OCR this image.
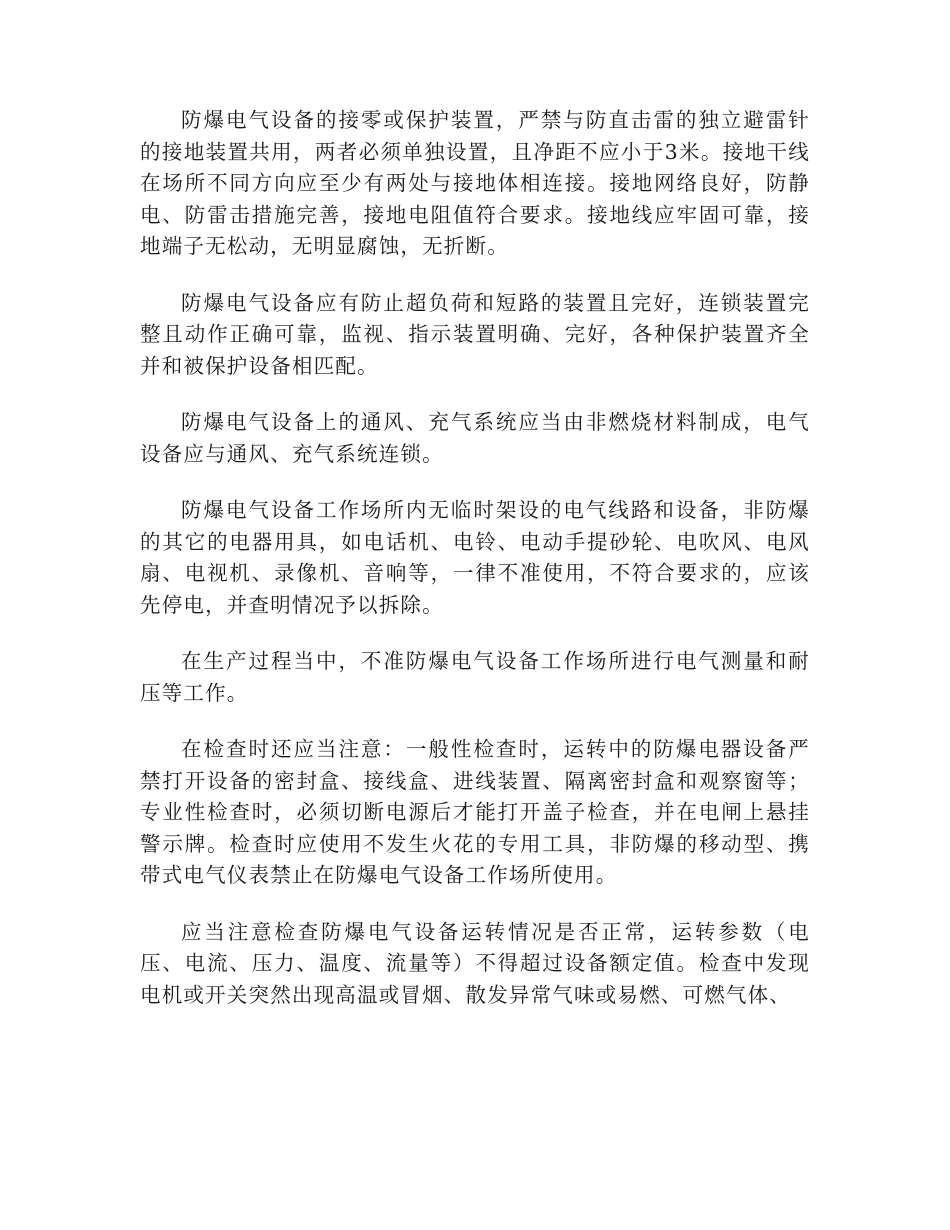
防爆电气设备的接零或保护装置，严禁与防直击雷的独立避雷针的接地装置共用，两者必须单独设置，且净距不应小于3米。接地干线在场所不同方向应至少有两处与接地体相连接。接地网络良好，防静电、防雷击措施完善，接地电阻值符合要求。接地线应牢固可靠，接地端子无松动，无明显腐蚀，无折断。

防爆电气设备应有防止超负荷和短路的装置且完好，连锁装置完整且动作正确可靠，监视、指示装置明确、完好，各种保护装置齐全并和被保护设备相匹配。

防爆电气设备上的通风、充气系统应当由非燃烧材料制成，电气设备应与通风、充气系统连锁。

防爆电气设备工作场所内无临时架设的电气线路和设备，非防爆的其它的电器用具，如电话机、电铃、电动手提砂轮、电吹风、电风扇、电视机、录像机、音响等，一律不准使用，不符合要求的，应该先停电，并查明情况予以拆除。

在生产过程当中，不准防爆电气设备工作场所进行电气测量和耐压等工作。

在检查时还应当注意：一般性检查时，运转中的防爆电器设备严禁打开设备的密封盒、接线盒、进线装置、隔离密封盒和观察窗等；专业性检查时，必须切断电源后才能打开盖子检查，并在电闸上悬挂警示牌。检查时应使用不发生火花的专用工具，非防爆的移动型、携带式电气仪表禁止在防爆电气设备工作场所使用。

应当注意检查防爆电气设备运转情况是否正常，运转参数（电压、电流、压力、温度、流量等）不得超过设备额定值。检查中发现电机或开关突然出现高温或冒烟、散发异常气味或易燃、可燃气体、
